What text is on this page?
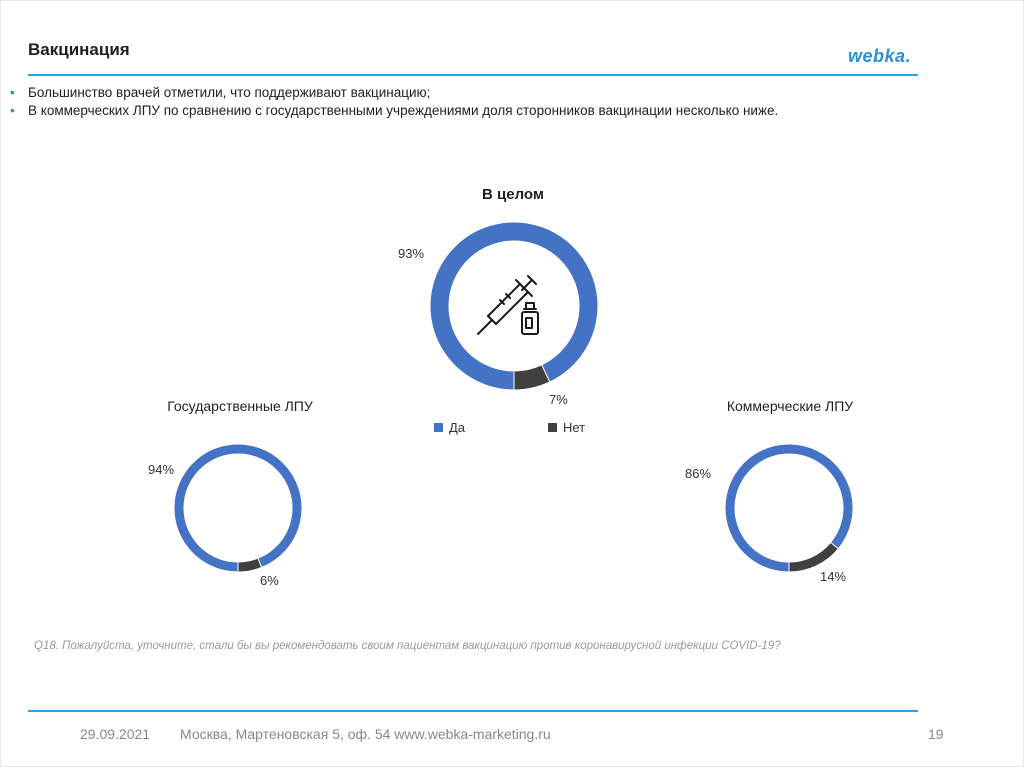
Вакцинация	webka.
• Большинство врачей отметили, что поддерживают вакцинацию;
• В коммерческих ЛПУ по сравнению с государственными учреждениями доля сторонников вакцинации несколько ниже.
В целом
Государственные ЛПУ	Коммерческие ЛПУ
93%
7%
94%
6%
86%
14%
Да	Нет
Q18. Пожалуйста, уточните, стали бы вы рекомендовать своим пациентам вакцинацию против коронавирусной инфекции COVID-19?
29.09.2021 Москва, Мартеновская 5, оф. 54 www.webka-marketing.ru	19
